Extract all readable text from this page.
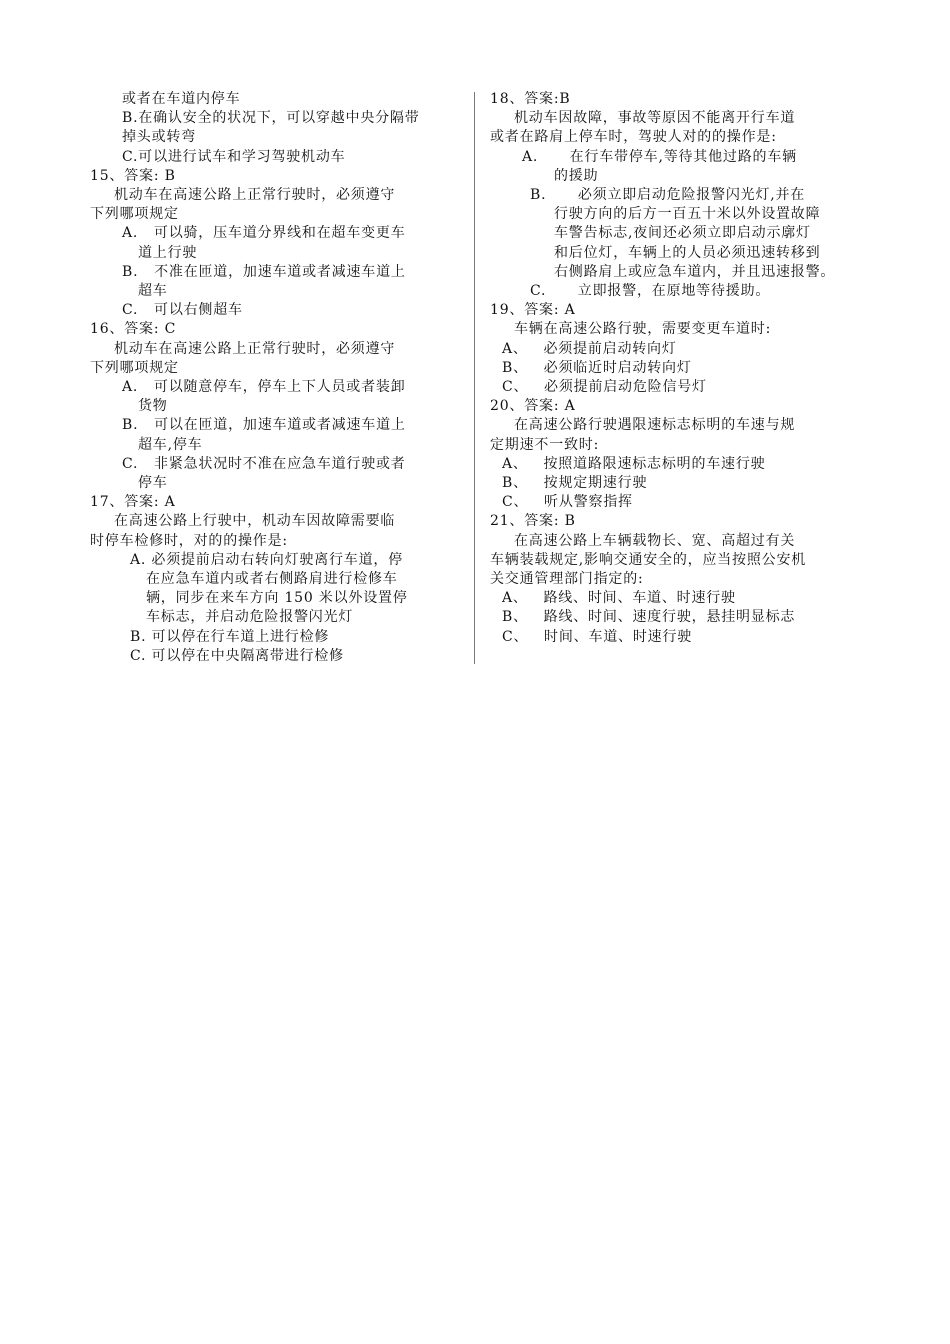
或者在车道内停车
B.在确认安全的状况下，可以穿越中央分隔带
掉头或转弯
C.可以进行试车和学习驾驶机动车
15、答案: B
机动车在高速公路上正常行驶时，必须遵守
下列哪项规定
A.   可以骑，压车道分界线和在超车变更车
道上行驶
B.   不准在匝道，加速车道或者减速车道上
超车
C.   可以右侧超车
16、答案: C
机动车在高速公路上正常行驶时，必须遵守
下列哪项规定
A.   可以随意停车，停车上下人员或者装卸
货物
B.   可以在匝道，加速车道或者减速车道上
超车,停车
C.   非紧急状况时不准在应急车道行驶或者
停车
17、答案: A
在高速公路上行驶中，机动车因故障需要临
时停车检修时，对的的操作是:
A. 必须提前启动右转向灯驶离行车道，停
在应急车道内或者右侧路肩进行检修车
辆，同步在来车方向 150 米以外设置停
车标志，并启动危险报警闪光灯
B. 可以停在行车道上进行检修
C. 可以停在中央隔离带进行检修
18、答案:B
机动车因故障，事故等原因不能离开行车道
或者在路肩上停车时，驾驶人对的的操作是:
A.      在行车带停车,等待其他过路的车辆
的援助
B.      必须立即启动危险报警闪光灯,并在
行驶方向的后方一百五十米以外设置故障
车警告标志,夜间还必须立即启动示廓灯
和后位灯，车辆上的人员必须迅速转移到
右侧路肩上或应急车道内，并且迅速报警。
C.      立即报警，在原地等待援助。
19、答案: A
车辆在高速公路行驶，需要变更车道时:
A、   必须提前启动转向灯
B、   必须临近时启动转向灯
C、   必须提前启动危险信号灯
20、答案: A
在高速公路行驶遇限速标志标明的车速与规
定期速不一致时:
A、   按照道路限速标志标明的车速行驶
B、   按规定期速行驶
C、   听从警察指挥
21、答案: B
在高速公路上车辆载物长、宽、高超过有关
车辆装载规定,影响交通安全的，应当按照公安机
关交通管理部门指定的:
A、   路线、时间、车道、时速行驶
B、   路线、时间、速度行驶，悬挂明显标志
C、   时间、车道、时速行驶
